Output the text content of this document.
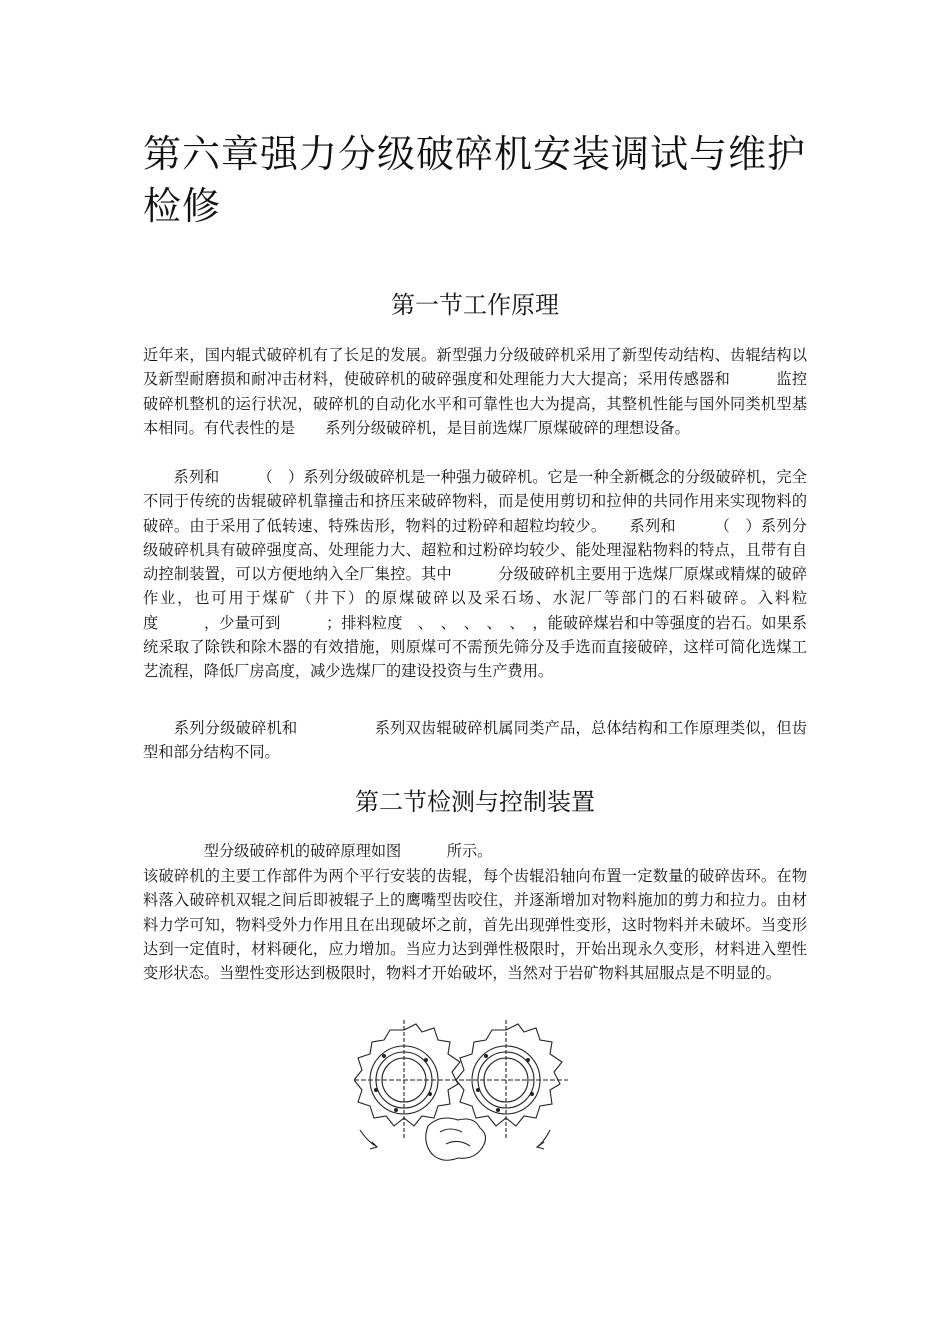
第六章强力分级破碎机安装调试与维护检修
第一节工作原理

近年来，国内辊式破碎机有了长足的发展。新型强力分级破碎机采用了新型传动结构、齿辊结构以及新型耐磨损和耐冲击材料，使破碎机的破碎强度和处理能力大大提高；采用传感器和　　　监控破碎机整机的运行状况，破碎机的自动化水平和可靠性也大为提高，其整机性能与国外同类机型基本相同。有代表性的是　　系列分级破碎机，是目前选煤厂原煤破碎的理想设备。

　　系列和　　　（　）系列分级破碎机是一种强力破碎机。它是一种全新概念的分级破碎机，完全不同于传统的齿辊破碎机靠撞击和挤压来破碎物料，而是使用剪切和拉伸的共同作用来实现物料的破碎。由于采用了低转速、特殊齿形，物料的过粉碎和超粒均较少。　　系列和　　　（　）系列分级破碎机具有破碎强度高、处理能力大、超粒和过粉碎均较少、能处理湿粘物料的特点，且带有自动控制装置，可以方便地纳入全厂集控。其中　　　分级破碎机主要用于选煤厂原煤或精煤的破碎作业，也可用于煤矿（井下）的原煤破碎以及采石场、水泥厂等部门的石料破碎。入料粒度　　　，少量可到　　　；排料粒度　、　、　、　、　、　，能破碎煤岩和中等强度的岩石。如果系统采取了除铁和除木器的有效措施，则原煤可不需预先筛分及手选而直接破碎，这样可简化选煤工艺流程，降低厂房高度，减少选煤厂的建设投资与生产费用。

　　系列分级破碎机和　　　　　系列双齿辊破碎机属同类产品，总体结构和工作原理类似，但齿型和部分结构不同。

第二节检测与控制装置

　　　　型分级破碎机的破碎原理如图　　　所示。

该破碎机的主要工作部件为两个平行安装的齿辊，每个齿辊沿轴向布置一定数量的破碎齿环。在物料落入破碎机双辊之间后即被辊子上的鹰嘴型齿咬住，并逐渐增加对物料施加的剪力和拉力。由材料力学可知，物料受外力作用且在出现破坏之前，首先出现弹性变形，这时物料并未破坏。当变形达到一定值时，材料硬化，应力增加。当应力达到弹性极限时，开始出现永久变形，材料进入塑性变形状态。当塑性变形达到极限时，物料才开始破坏，当然对于岩矿物料其屈服点是不明显的。
